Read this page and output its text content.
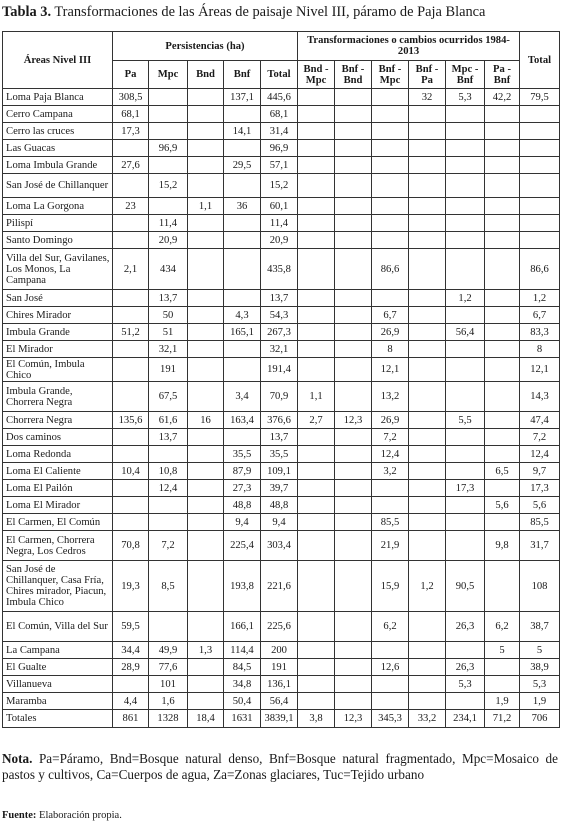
Tabla 3. Transformaciones de las Áreas de paisaje Nivel III, páramo de Paja Blanca
Áreas Nivel III	Persistencias (ha)					Transformaciones o cambios ocurridos 1984-2013						Total
	Pa	Mpc	Bnd	Bnf	Total	Bnd - Mpc	Bnf - Bnd	Bnf - Mpc	Bnf - Pa	Mpc - Bnf	Pa - Bnf	
Loma Paja Blanca	308,5			137,1	445,6				32	5,3	42,2	79,5
Cerro Campana	68,1				68,1							
Cerro las cruces	17,3			14,1	31,4							
Las Guacas		96,9			96,9							
Loma Imbula Grande	27,6			29,5	57,1							
San José de Chillanquer		15,2			15,2							
Loma La Gorgona	23		1,1	36	60,1							
Pilispí		11,4			11,4							
Santo Domingo		20,9			20,9							
Villa del Sur, Gavilanes, Los Monos, La Campana	2,1	434			435,8			86,6				86,6
San José		13,7			13,7					1,2		1,2
Chires Mirador		50		4,3	54,3			6,7				6,7
Imbula Grande	51,2	51		165,1	267,3			26,9		56,4		83,3
El Mirador		32,1			32,1			8				8
El Común, Imbula Chico		191			191,4			12,1				12,1
Imbula Grande, Chorrera Negra		67,5		3,4	70,9	1,1		13,2				14,3
Chorrera Negra	135,6	61,6	16	163,4	376,6	2,7	12,3	26,9		5,5		47,4
Dos caminos		13,7			13,7			7,2				7,2
Loma Redonda				35,5	35,5			12,4				12,4
Loma El Caliente	10,4	10,8		87,9	109,1			3,2			6,5	9,7
Loma El Pailón		12,4		27,3	39,7					17,3		17,3
Loma El Mirador				48,8	48,8						5,6	5,6
El Carmen, El Común				9,4	9,4			85,5				85,5
El Carmen, Chorrera Negra, Los Cedros	70,8	7,2		225,4	303,4			21,9			9,8	31,7
San José de Chillanquer, Casa Fría, Chires mirador, Piacun, Imbula Chico	19,3	8,5		193,8	221,6			15,9	1,2	90,5		108
El Común, Villa del Sur	59,5			166,1	225,6			6,2		26,3	6,2	38,7
La Campana	34,4	49,9	1,3	114,4	200						5	5
El Gualte	28,9	77,6		84,5	191			12,6		26,3		38,9
Villanueva		101		34,8	136,1					5,3		5,3
Maramba	4,4	1,6		50,4	56,4						1,9	1,9
Totales	861	1328	18,4	1631	3839,1	3,8	12,3	345,3	33,2	234,1	71,2	706
Nota. Pa=Páramo, Bnd=Bosque natural denso, Bnf=Bosque natural fragmentado, Mpc=Mosaico de pastos y cultivos, Ca=Cuerpos de agua, Za=Zonas glaciares, Tuc=Tejido urbano
Fuente: Elaboración propia.
